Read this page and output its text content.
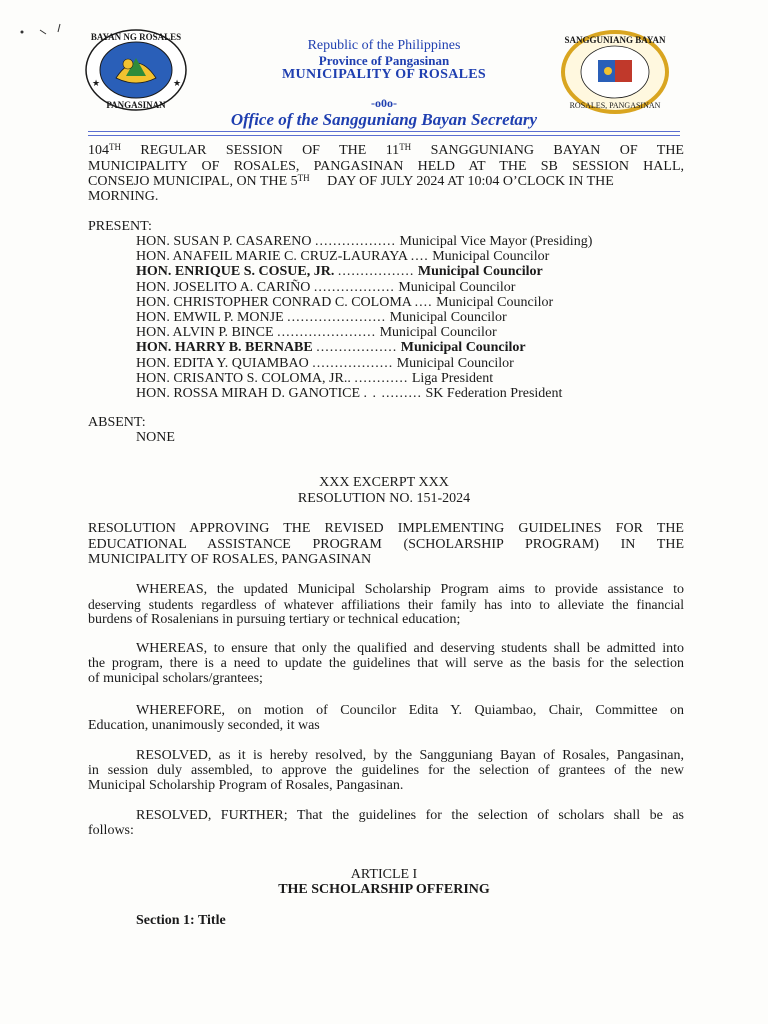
BAYAN NG ROSALES
PANGASINAN
★	★
SANGGUNIANG BAYAN
ROSALES, PANGASINAN
Republic of the Philippines
Province of Pangasinan
MUNICIPALITY OF ROSALES
-o0o-
Office of the Sangguniang Bayan Secretary
104TH REGULAR SESSION OF THE 11TH SANGGUNIANG BAYAN OF THE
MUNICIPALITY OF ROSALES, PANGASINAN HELD AT THE SB SESSION HALL,
CONSEJO MUNICIPAL, ON THE 5TH DAY OF JULY 2024 AT 10:04 O’CLOCK IN THE
MORNING.
PRESENT:
HON. SUSAN P. CASARENO .................. Municipal Vice Mayor (Presiding)
HON. ANAFEIL MARIE C. CRUZ-LAURAYA .... Municipal Councilor
HON. ENRIQUE S. COSUE, JR. ................. Municipal Councilor
HON. JOSELITO A. CARIÑO .................. Municipal Councilor
HON. CHRISTOPHER CONRAD C. COLOMA .... Municipal Councilor
HON. EMWIL P. MONJE ...................... Municipal Councilor
HON. ALVIN P. BINCE ...................... Municipal Councilor
HON. HARRY B. BERNABE .................. Municipal Councilor
HON. EDITA Y. QUIAMBAO .................. Municipal Councilor
HON. CRISANTO S. COLOMA, JR.. ............ Liga President
HON. ROSSA MIRAH D. GANOTICE . . ......... SK Federation President
ABSENT:
NONE
XXX EXCERPT XXX
RESOLUTION NO. 151-2024
RESOLUTION APPROVING THE REVISED IMPLEMENTING GUIDELINES FOR THE
EDUCATIONAL ASSISTANCE PROGRAM (SCHOLARSHIP PROGRAM) IN THE
MUNICIPALITY OF ROSALES, PANGASINAN
WHEREAS, the updated Municipal Scholarship Program aims to provide assistance to
deserving students regardless of whatever affiliations their family has into to alleviate the financial
burdens of Rosalenians in pursuing tertiary or technical education;
WHEREAS, to ensure that only the qualified and deserving students shall be admitted into
the program, there is a need to update the guidelines that will serve as the basis for the selection
of municipal scholars/grantees;
WHEREFORE, on motion of Councilor Edita Y. Quiambao, Chair, Committee on
Education, unanimously seconded, it was
RESOLVED, as it is hereby resolved, by the Sangguniang Bayan of Rosales, Pangasinan,
in session duly assembled, to approve the guidelines for the selection of grantees of the new
Municipal Scholarship Program of Rosales, Pangasinan.
RESOLVED, FURTHER; That the guidelines for the selection of scholars shall be as
follows:
ARTICLE I
THE SCHOLARSHIP OFFERING
Section 1: Title
